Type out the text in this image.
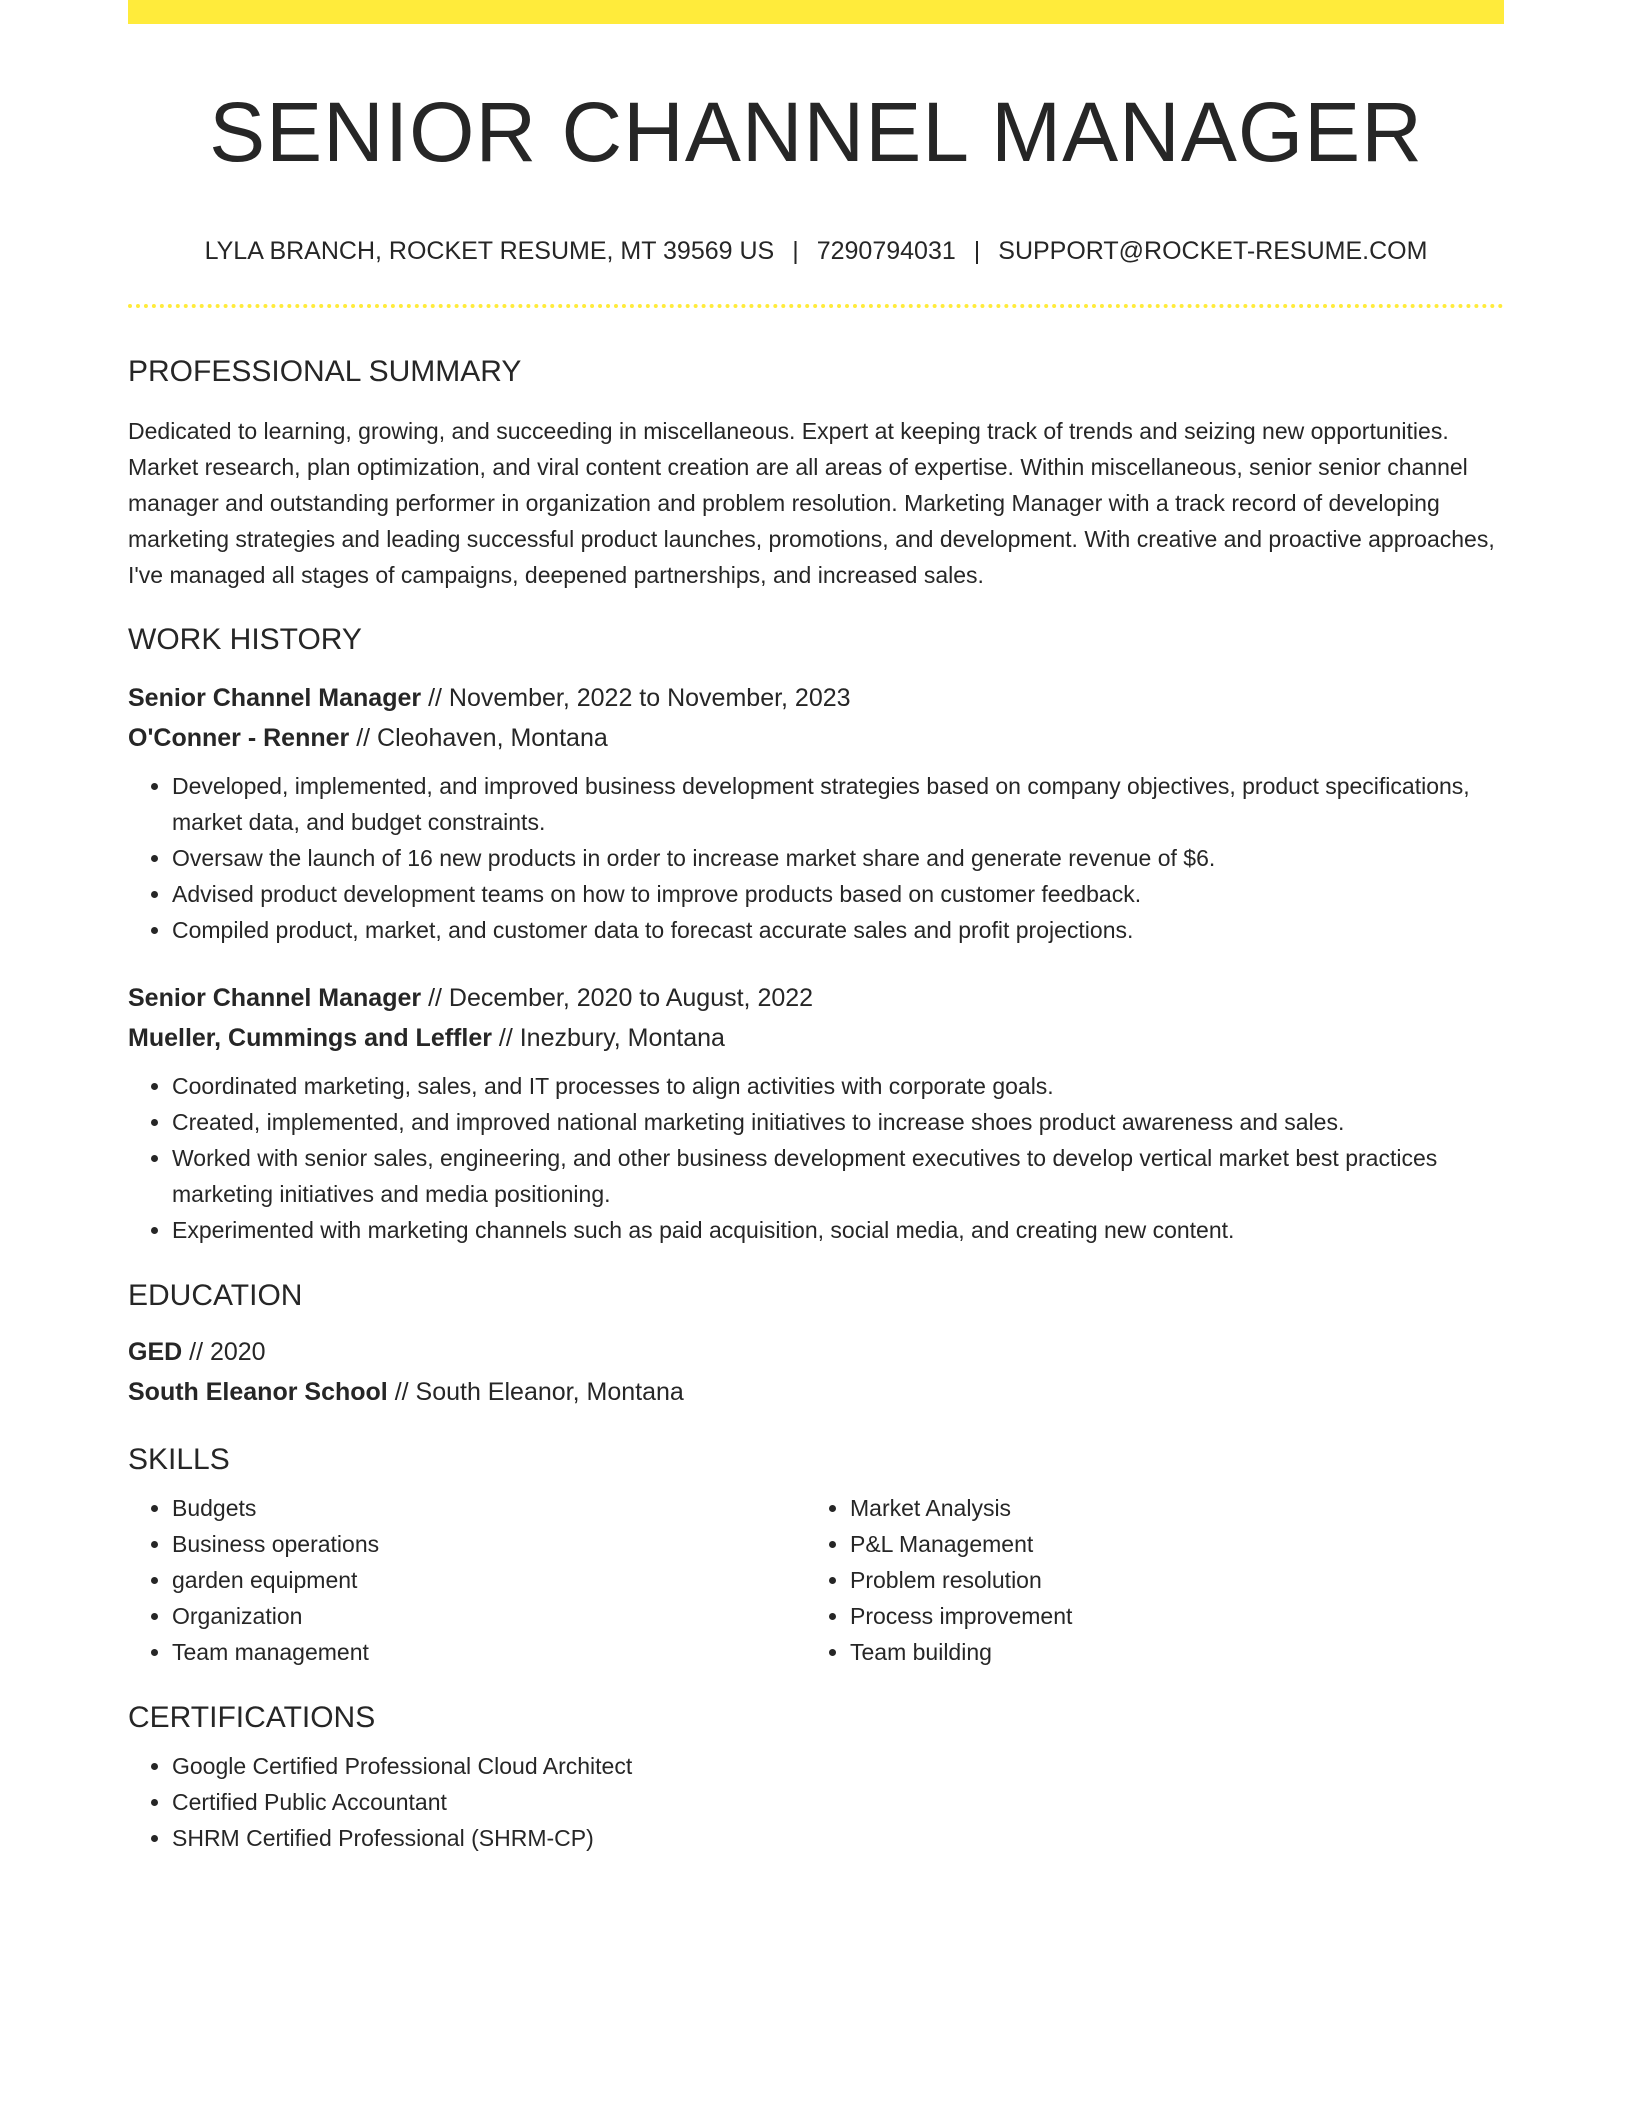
SENIOR CHANNEL MANAGER
LYLA BRANCH, ROCKET RESUME, MT 39569 US | 7290794031 | SUPPORT@ROCKET-RESUME.COM
PROFESSIONAL SUMMARY

Dedicated to learning, growing, and succeeding in miscellaneous. Expert at keeping track of trends and seizing new opportunities. Market research, plan optimization, and viral content creation are all areas of expertise. Within miscellaneous, senior senior channel manager and outstanding performer in organization and problem resolution. Marketing Manager with a track record of developing marketing strategies and leading successful product launches, promotions, and development. With creative and proactive approaches, I've managed all stages of campaigns, deepened partnerships, and increased sales.

WORK HISTORY
Senior Channel Manager // November, 2022 to November, 2023
O'Conner - Renner // Cleohaven, Montana
• Developed, implemented, and improved business development strategies based on company objectives, product specifications, market data, and budget constraints.
• Oversaw the launch of 16 new products in order to increase market share and generate revenue of $6.
• Advised product development teams on how to improve products based on customer feedback.
• Compiled product, market, and customer data to forecast accurate sales and profit projections.
Senior Channel Manager // December, 2020 to August, 2022
Mueller, Cummings and Leffler // Inezbury, Montana
• Coordinated marketing, sales, and IT processes to align activities with corporate goals.
• Created, implemented, and improved national marketing initiatives to increase shoes product awareness and sales.
• Worked with senior sales, engineering, and other business development executives to develop vertical market best practices marketing initiatives and media positioning.
• Experimented with marketing channels such as paid acquisition, social media, and creating new content.
EDUCATION
GED // 2020
South Eleanor School // South Eleanor, Montana
SKILLS
• Budgets
• Business operations
• garden equipment
• Organization
• Team management
• Market Analysis
• P&L Management
• Problem resolution
• Process improvement
• Team building
CERTIFICATIONS
• Google Certified Professional Cloud Architect
• Certified Public Accountant
• SHRM Certified Professional (SHRM-CP)
